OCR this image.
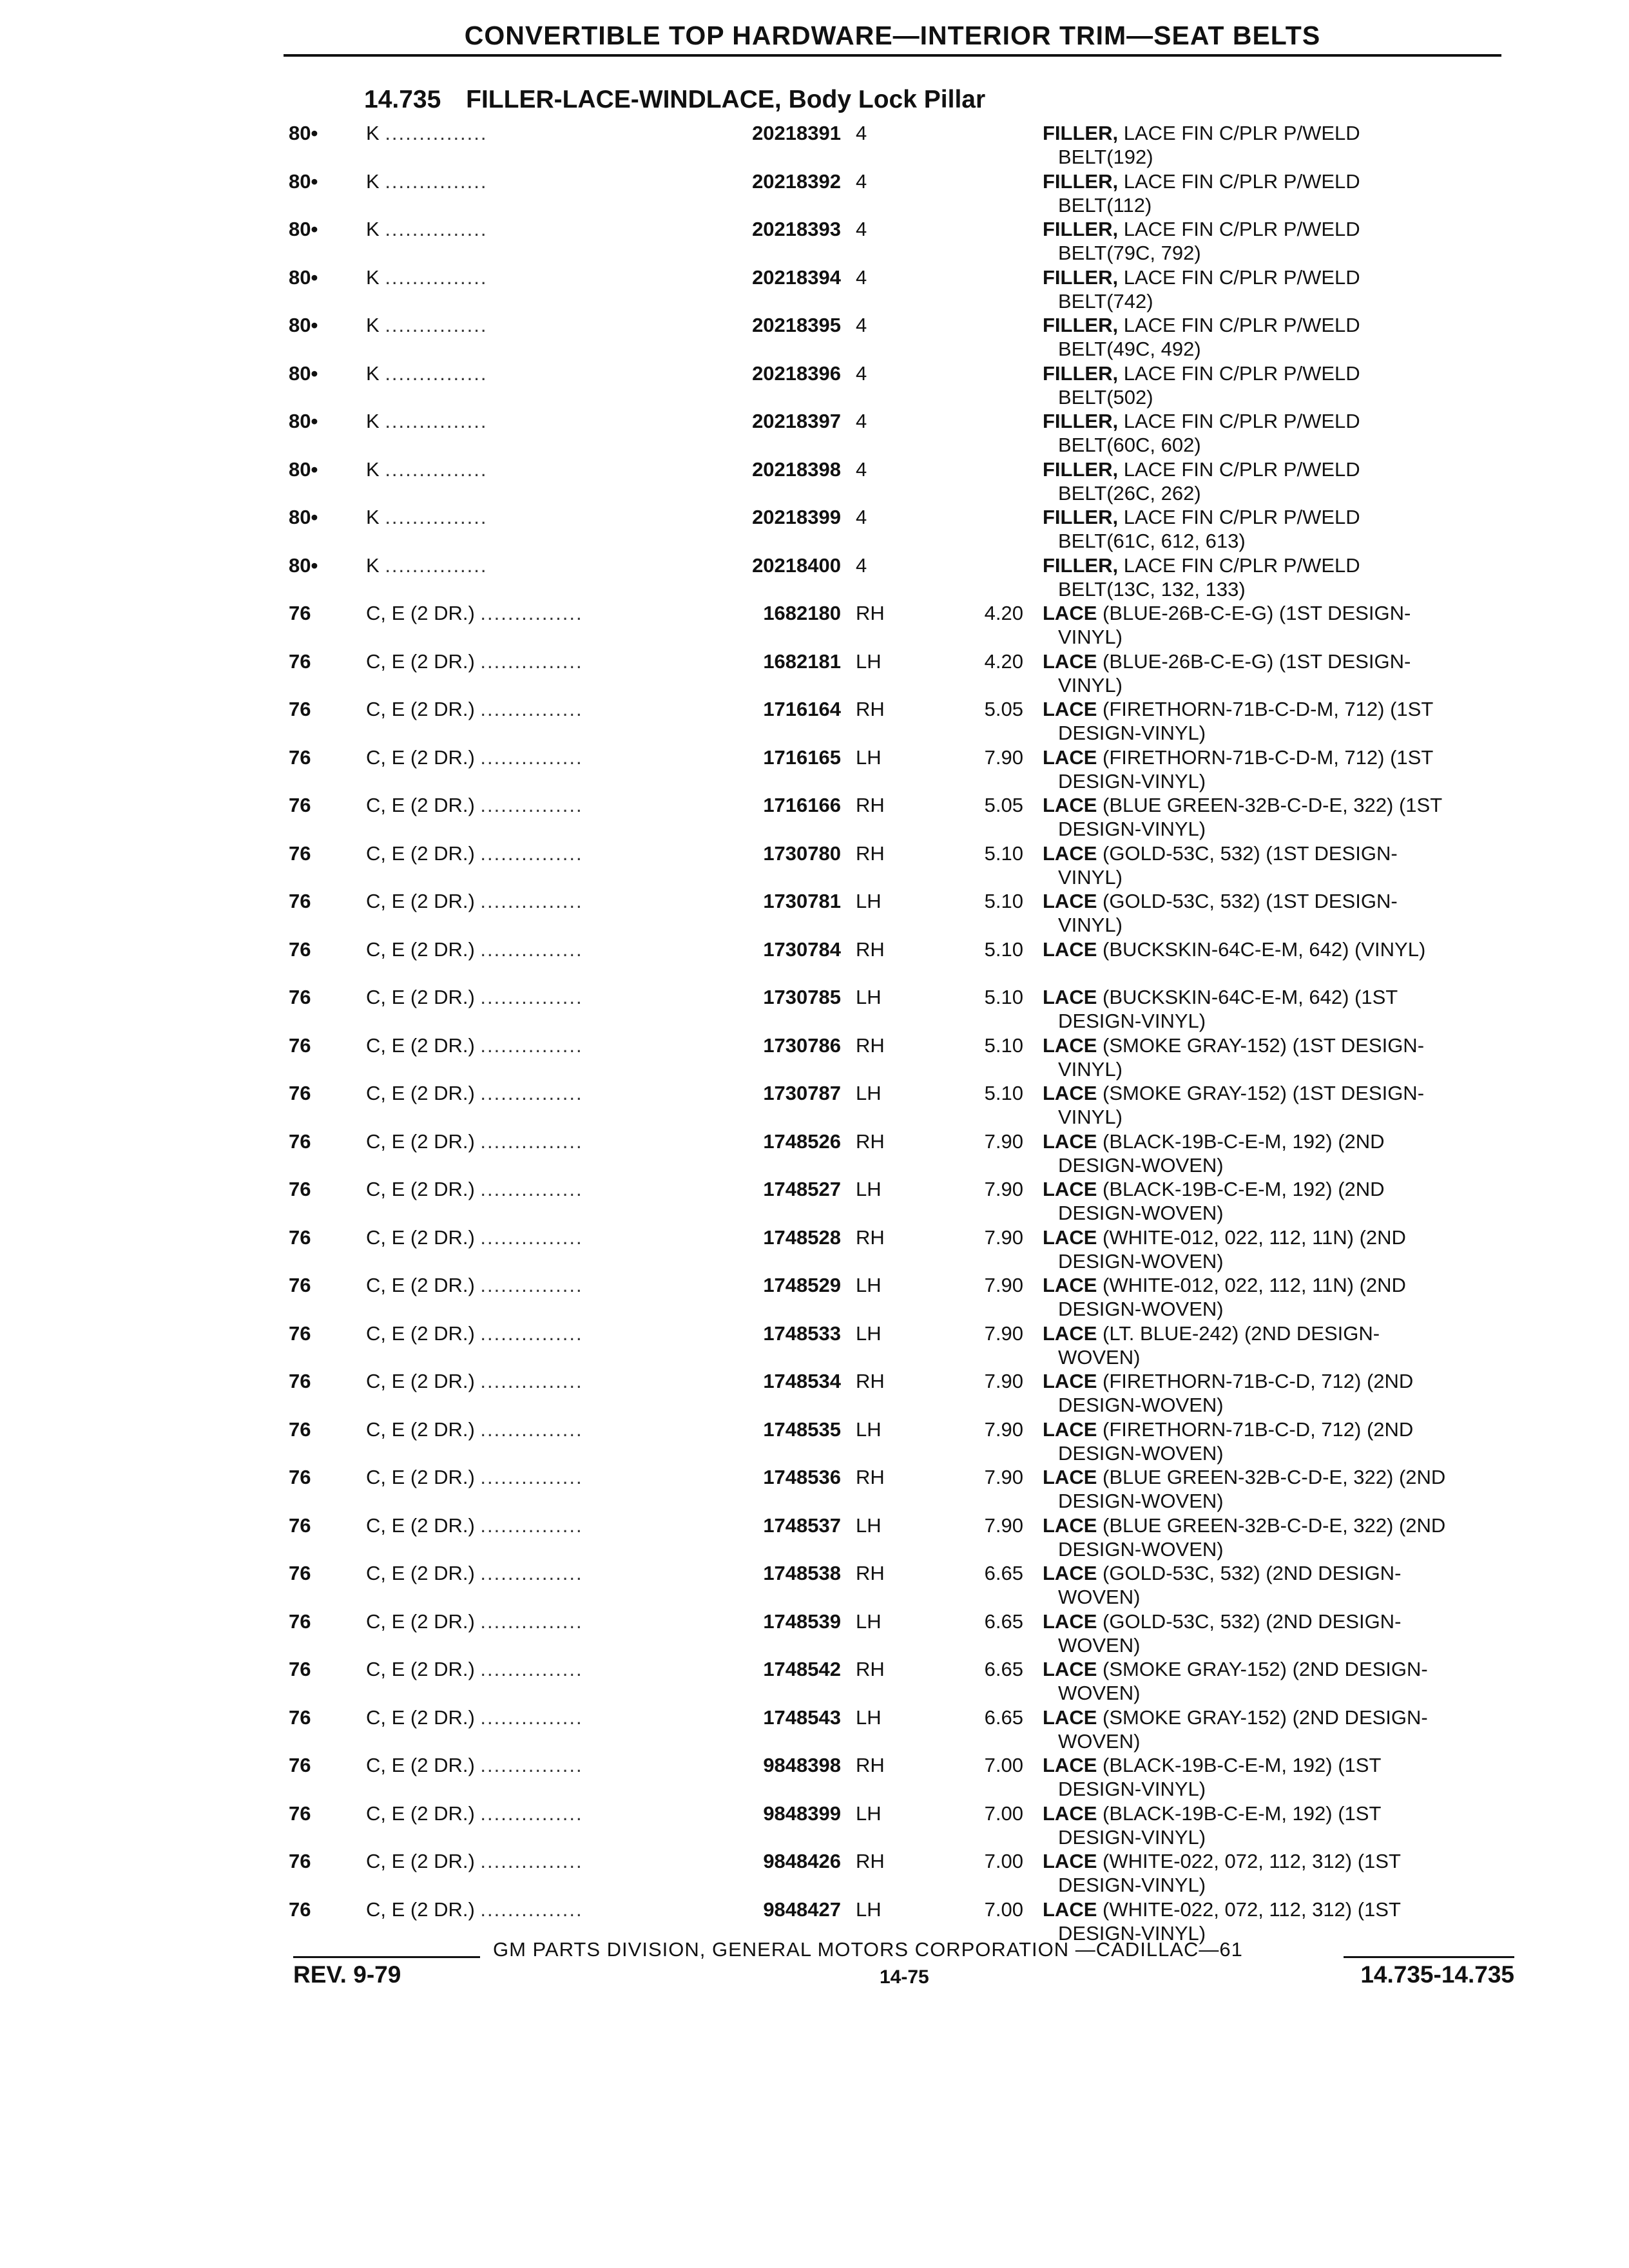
CONVERTIBLE TOP HARDWARE—INTERIOR TRIM—SEAT BELTS
14.735 FILLER-LACE-WINDLACE, Body Lock Pillar
80•	K ...............	20218391 4	FILLER, LACE FIN C/PLR P/WELD
BELT(192)
80•	K ...............	20218392 4	FILLER, LACE FIN C/PLR P/WELD
BELT(112)
80•	K ...............	20218393 4	FILLER, LACE FIN C/PLR P/WELD
BELT(79C, 792)
80•	K ...............	20218394 4	FILLER, LACE FIN C/PLR P/WELD
BELT(742)
80•	K ...............	20218395 4	FILLER, LACE FIN C/PLR P/WELD
BELT(49C, 492)
80•	K ...............	20218396 4	FILLER, LACE FIN C/PLR P/WELD
BELT(502)
80•	K ...............	20218397 4	FILLER, LACE FIN C/PLR P/WELD
BELT(60C, 602)
80•	K ...............	20218398 4	FILLER, LACE FIN C/PLR P/WELD
BELT(26C, 262)
80•	K ...............	20218399 4	FILLER, LACE FIN C/PLR P/WELD
BELT(61C, 612, 613)
80•	K ...............	20218400 4	FILLER, LACE FIN C/PLR P/WELD
BELT(13C, 132, 133)
76	C, E (2 DR.) ...............	1682180 RH	4.20 LACE (BLUE-26B-C-E-G) (1ST DESIGN-
VINYL)
76	C, E (2 DR.) ...............	1682181 LH	4.20 LACE (BLUE-26B-C-E-G) (1ST DESIGN-
VINYL)
76	C, E (2 DR.) ...............	1716164 RH	5.05 LACE (FIRETHORN-71B-C-D-M, 712) (1ST
DESIGN-VINYL)
76	C, E (2 DR.) ...............	1716165 LH	7.90 LACE (FIRETHORN-71B-C-D-M, 712) (1ST
DESIGN-VINYL)
76	C, E (2 DR.) ...............	1716166 RH	5.05 LACE (BLUE GREEN-32B-C-D-E, 322) (1ST
DESIGN-VINYL)
76	C, E (2 DR.) ...............	1730780 RH	5.10 LACE (GOLD-53C, 532) (1ST DESIGN-
VINYL)
76	C, E (2 DR.) ...............	1730781 LH	5.10 LACE (GOLD-53C, 532) (1ST DESIGN-
VINYL)
76	C, E (2 DR.) ...............	1730784 RH	5.10 LACE (BUCKSKIN-64C-E-M, 642) (VINYL)
76	C, E (2 DR.) ...............	1730785 LH	5.10 LACE (BUCKSKIN-64C-E-M, 642) (1ST
DESIGN-VINYL)
76	C, E (2 DR.) ...............	1730786 RH	5.10 LACE (SMOKE GRAY-152) (1ST DESIGN-
VINYL)
76	C, E (2 DR.) ...............	1730787 LH	5.10 LACE (SMOKE GRAY-152) (1ST DESIGN-
VINYL)
76	C, E (2 DR.) ...............	1748526 RH	7.90 LACE (BLACK-19B-C-E-M, 192) (2ND
DESIGN-WOVEN)
76	C, E (2 DR.) ...............	1748527 LH	7.90 LACE (BLACK-19B-C-E-M, 192) (2ND
DESIGN-WOVEN)
76	C, E (2 DR.) ...............	1748528 RH	7.90 LACE (WHITE-012, 022, 112, 11N) (2ND
DESIGN-WOVEN)
76	C, E (2 DR.) ...............	1748529 LH	7.90 LACE (WHITE-012, 022, 112, 11N) (2ND
DESIGN-WOVEN)
76	C, E (2 DR.) ...............	1748533 LH	7.90 LACE (LT. BLUE-242) (2ND DESIGN-
WOVEN)
76	C, E (2 DR.) ...............	1748534 RH	7.90 LACE (FIRETHORN-71B-C-D, 712) (2ND
DESIGN-WOVEN)
76	C, E (2 DR.) ...............	1748535 LH	7.90 LACE (FIRETHORN-71B-C-D, 712) (2ND
DESIGN-WOVEN)
76	C, E (2 DR.) ...............	1748536 RH	7.90 LACE (BLUE GREEN-32B-C-D-E, 322) (2ND
DESIGN-WOVEN)
76	C, E (2 DR.) ...............	1748537 LH	7.90 LACE (BLUE GREEN-32B-C-D-E, 322) (2ND
DESIGN-WOVEN)
76	C, E (2 DR.) ...............	1748538 RH	6.65 LACE (GOLD-53C, 532) (2ND DESIGN-
WOVEN)
76	C, E (2 DR.) ...............	1748539 LH	6.65 LACE (GOLD-53C, 532) (2ND DESIGN-
WOVEN)
76	C, E (2 DR.) ...............	1748542 RH	6.65 LACE (SMOKE GRAY-152) (2ND DESIGN-
WOVEN)
76	C, E (2 DR.) ...............	1748543 LH	6.65 LACE (SMOKE GRAY-152) (2ND DESIGN-
WOVEN)
76	C, E (2 DR.) ...............	9848398 RH	7.00 LACE (BLACK-19B-C-E-M, 192) (1ST
DESIGN-VINYL)
76	C, E (2 DR.) ...............	9848399 LH	7.00 LACE (BLACK-19B-C-E-M, 192) (1ST
DESIGN-VINYL)
76	C, E (2 DR.) ...............	9848426 RH	7.00 LACE (WHITE-022, 072, 112, 312) (1ST
DESIGN-VINYL)
76	C, E (2 DR.) ...............	9848427 LH	7.00 LACE (WHITE-022, 072, 112, 312) (1ST
DESIGN-VINYL)
GM PARTS DIVISION, GENERAL MOTORS CORPORATION —CADILLAC—61
REV. 9-79	14-75	14.735-14.735
